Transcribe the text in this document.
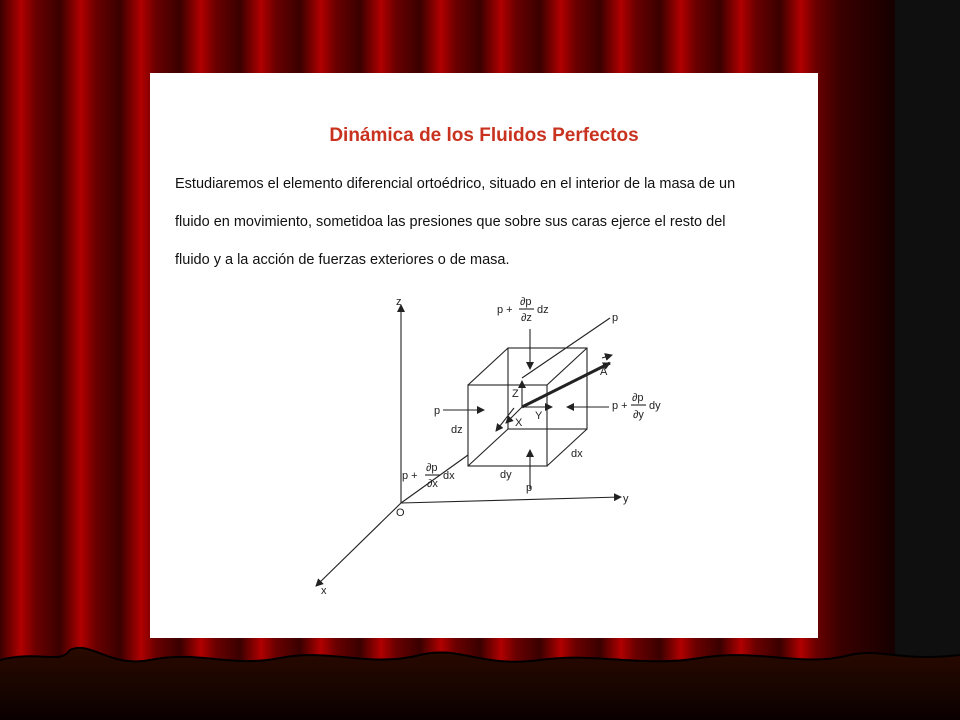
Dinámica de los Fluidos Perfectos
Estudiaremos el elemento diferencial ortoédrico, situado en el interior de la masa de un
fluido en movimiento, sometidoa las presiones que sobre sus caras ejerce el resto del
fluido y a la acción de fuerzas exteriores o de masa.
z
y
x
O
p +
∂p
∂z
dz
p +
∂p
∂y
dy
p +
∂p
∂x
dx
p
p
p
A
Z
Y
X
dz
dy
dx
